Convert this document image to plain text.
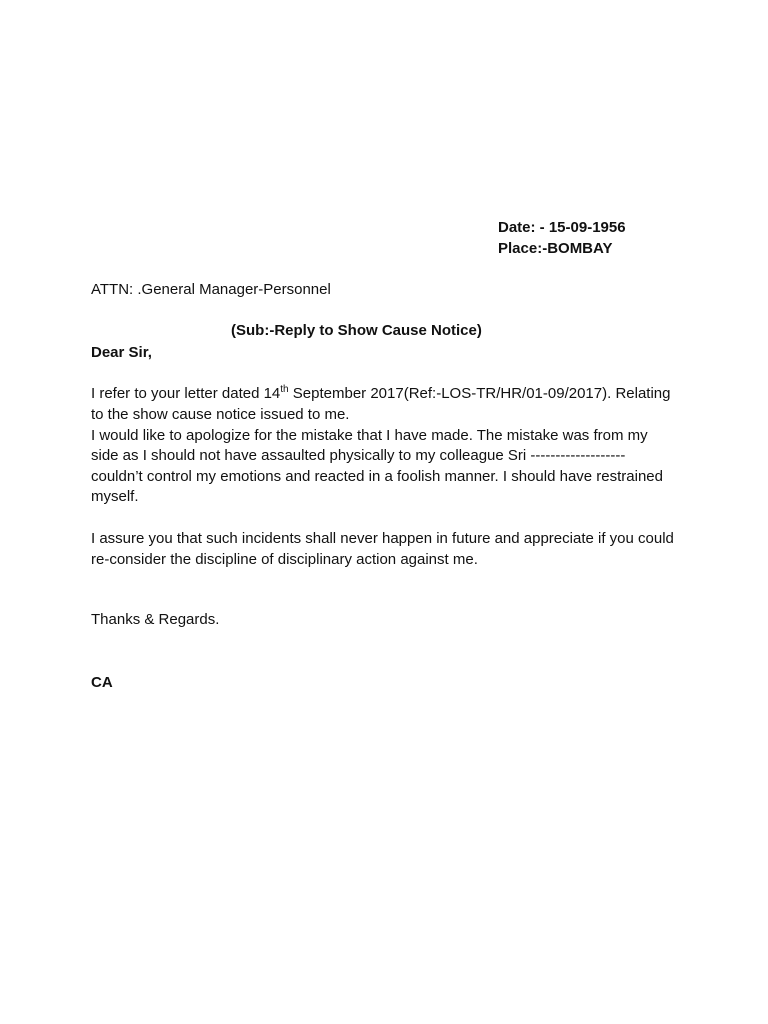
Date: - 15-09-1956
Place:-BOMBAY
ATTN: .General Manager-Personnel
(Sub:-Reply to Show Cause Notice)
Dear Sir,
I refer to your letter dated 14th September 2017(Ref:-LOS-TR/HR/01-09/2017). Relating
to the show cause notice issued to me.
I would like to apologize for the mistake that I have made. The mistake was from my
side as I should not have assaulted physically to my colleague Sri -------------------
couldn’t control my emotions and reacted in a foolish manner. I should have restrained
myself.
I assure you that such incidents shall never happen in future and appreciate if you could
re-consider the discipline of disciplinary action against me.
Thanks & Regards.
CA
